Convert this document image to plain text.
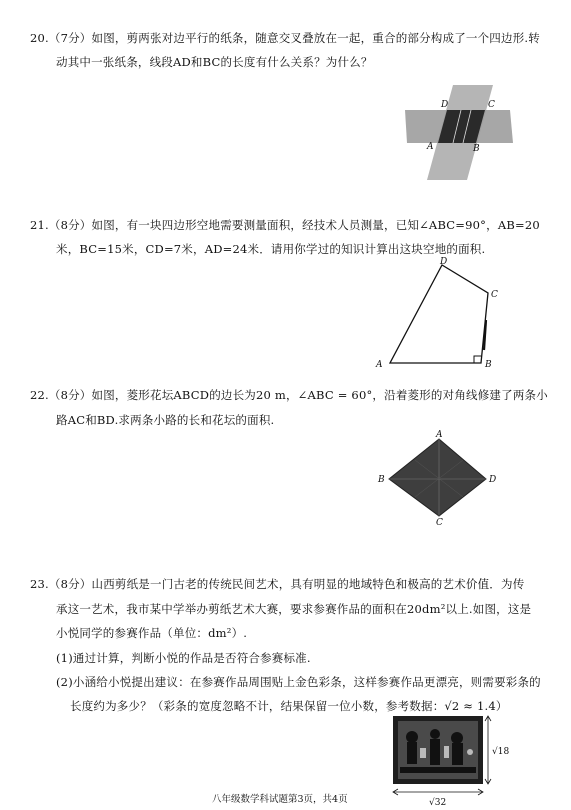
20.（7分）如图，剪两张对边平行的纸条，随意交叉叠放在一起，重合的部分构成了一个四边形.转
动其中一张纸条，线段AD和BC的长度有什么关系？为什么？
D	C
A	B
21.（8分）如图，有一块四边形空地需要测量面积，经技术人员测量，已知∠ABC=90°，AB=20
米，BC=15米，CD=7米，AD=24米．请用你学过的知识计算出这块空地的面积.
A	B
C
D
22.（8分）如图，菱形花坛ABCD的边长为20 m，∠ABC = 60°，沿着菱形的对角线修建了两条小
路AC和BD.求两条小路的长和花坛的面积.
A
B
C
D
23.（8分）山西剪纸是一门古老的传统民间艺术，具有明显的地域特色和极高的艺术价值．为传
承这一艺术，我市某中学举办剪纸艺术大赛，要求参赛作品的面积在20dm²以上.如图，这是
小悦同学的参赛作品（单位：dm²）.
(1)通过计算，判断小悦的作品是否符合参赛标准.
(2)小涵给小悦提出建议：在参赛作品周围贴上金色彩条，这样参赛作品更漂亮，则需要彩条的
长度约为多少？（彩条的宽度忽略不计，结果保留一位小数，参考数据：√2 ≈ 1.4）
√18
√32
八年级数学科试题第3页，共4页
